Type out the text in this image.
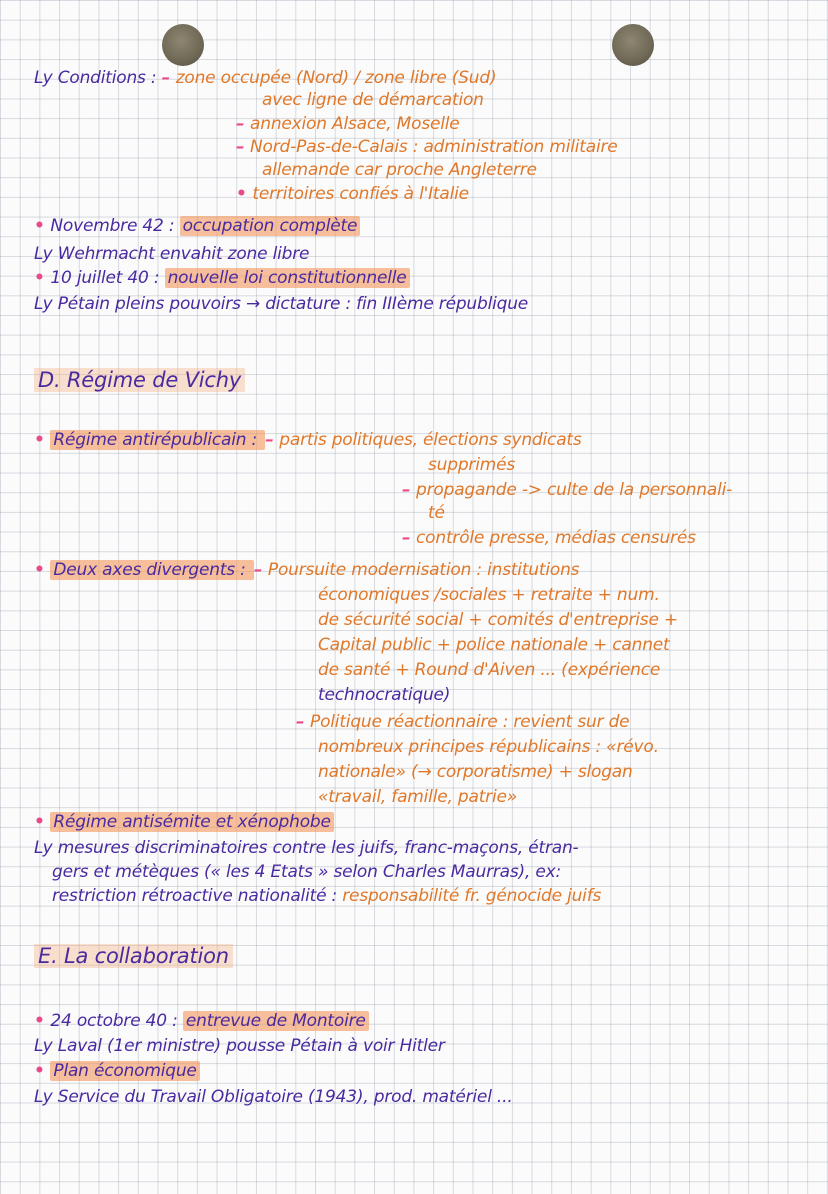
Ly Conditions : – zone occupée (Nord) / zone libre (Sud)
avec ligne de démarcation
– annexion Alsace, Moselle
– Nord-Pas-de-Calais : administration militaire
allemande car proche Angleterre
• territoires confiés à l'Italie
• Novembre 42 : occupation complète
Ly Wehrmacht envahit zone libre
• 10 juillet 40 : nouvelle loi constitutionnelle
Ly Pétain pleins pouvoirs → dictature : fin IIIème république
D. Régime de Vichy
• Régime antirépublicain : – partis politiques, élections syndicats
supprimés
– propagande -> culte de la personnali-
té
– contrôle presse, médias censurés
• Deux axes divergents : – Poursuite modernisation : institutions
économiques /sociales + retraite + num.
de sécurité social + comités d'entreprise +
Capital public + police nationale + cannet
de santé + Round d'Aiven ... (expérience
technocratique)
– Politique réactionnaire : revient sur de
nombreux principes républicains : «révo.
nationale» (→ corporatisme) + slogan
«travail, famille, patrie»
• Régime antisémite et xénophobe
Ly mesures discriminatoires contre les juifs, franc-maçons, étran-
gers et métèques (« les 4 Etats » selon Charles Maurras), ex:
restriction rétroactive nationalité : responsabilité fr. génocide juifs
E. La collaboration
• 24 octobre 40 : entrevue de Montoire
Ly Laval (1er ministre) pousse Pétain à voir Hitler
• Plan économique
Ly Service du Travail Obligatoire (1943), prod. matériel ...
